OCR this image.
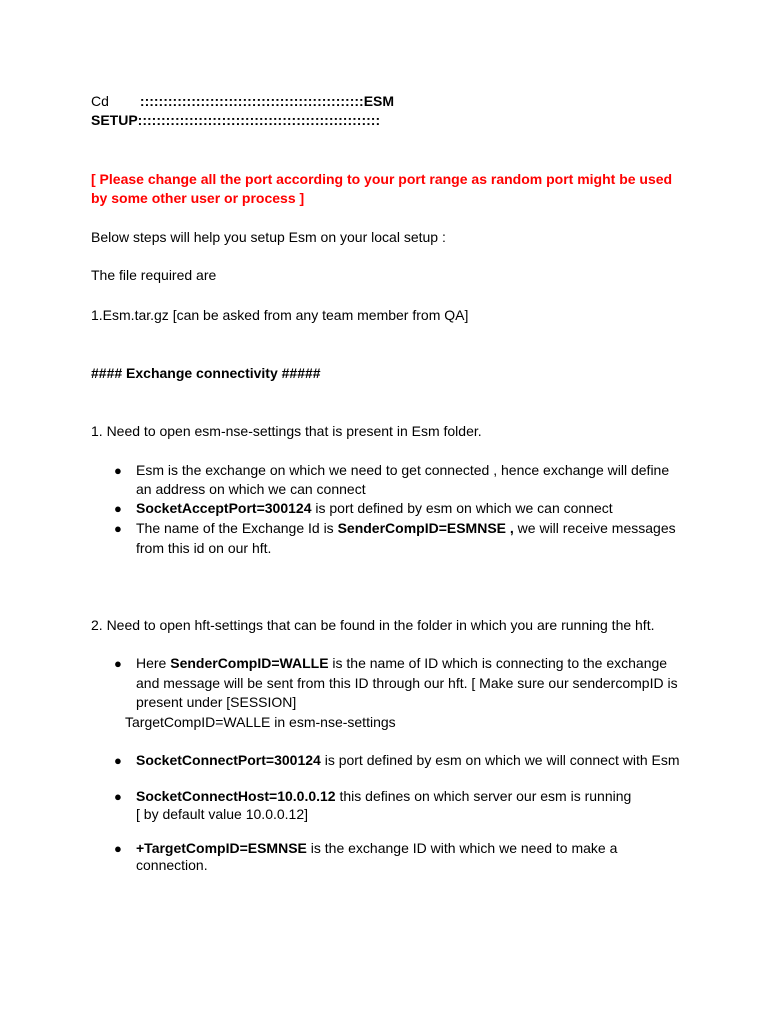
Cd ::::::::::::::::::::::::::::::::::::::::::::::::ESM
SETUP::::::::::::::::::::::::::::::::::::::::::::::::::::
[ Please change all the port according to your port range as random port might be used
by some other user or process ]
Below steps will help you setup Esm on your local setup :
The file required are
1.Esm.tar.gz [can be asked from any team member from QA]
#### Exchange connectivity #####
1. Need to open esm-nse-settings that is present in Esm folder.
● Esm is the exchange on which we need to get connected , hence exchange will define
an address on which we can connect
● SocketAcceptPort=300124 is port defined by esm on which we can connect
● The name of the Exchange Id is SenderCompID=ESMNSE , we will receive messages
from this id on our hft.
2. Need to open hft-settings that can be found in the folder in which you are running the hft.
● Here SenderCompID=WALLE is the name of ID which is connecting to the exchange
and message will be sent from this ID through our hft. [ Make sure our sendercompID is
present under [SESSION]
TargetCompID=WALLE in esm-nse-settings
● SocketConnectPort=300124 is port defined by esm on which we will connect with Esm
● SocketConnectHost=10.0.0.12 this defines on which server our esm is running
[ by default value 10.0.0.12]
● +TargetCompID=ESMNSE is the exchange ID with which we need to make a
connection.
